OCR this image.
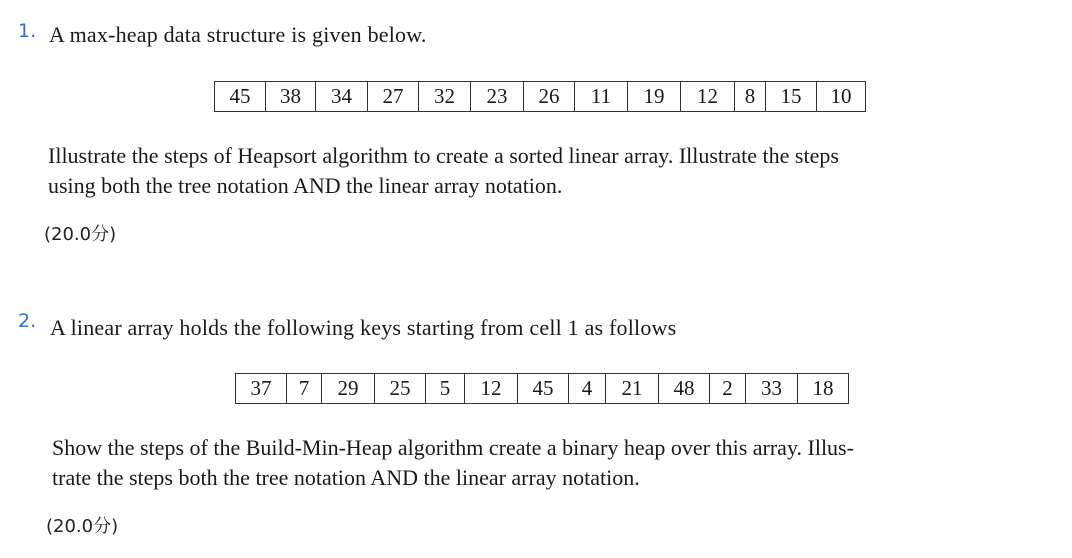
1. A max-heap data structure is given below.
45	38	34	27	32	23	26	11	19	12	8	15	10
Illustrate the steps of Heapsort algorithm to create a sorted linear array. Illustrate the steps
using both the tree notation AND the linear array notation.
(20.0分)
2. A linear array holds the following keys starting from cell 1 as follows
37	7	29	25	5	12	45	4	21	48	2	33	18
Show the steps of the Build-Min-Heap algorithm create a binary heap over this array. Illus-
trate the steps both the tree notation AND the linear array notation.
(20.0分)
